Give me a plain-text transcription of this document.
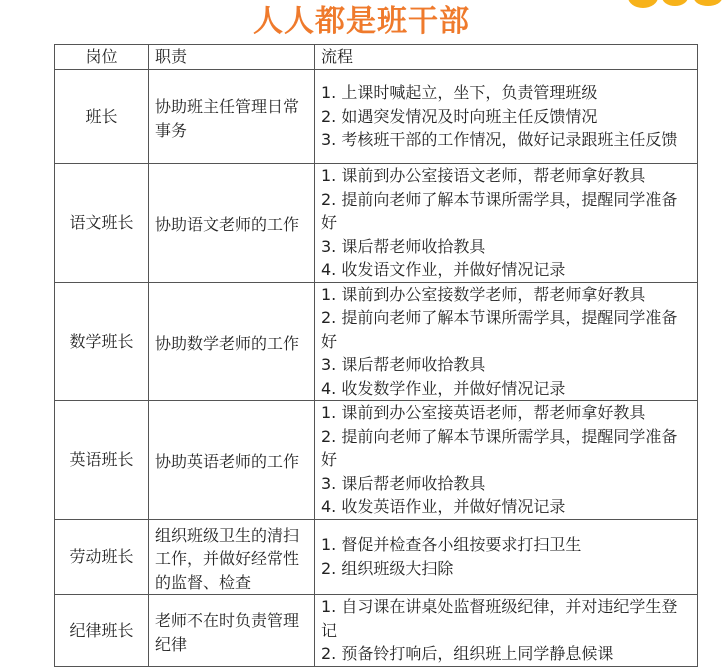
人人都是班干部
岗位	职责	流程
班长	协助班主任管理日常事务	1. 上课时喊起立，坐下，负责管理班级
2. 如遇突发情况及时向班主任反馈情况
3. 考核班干部的工作情况，做好记录跟班主任反馈

语文班长	协助语文老师的工作	1. 课前到办公室接语文老师，帮老师拿好教具
2. 提前向老师了解本节课所需学具，提醒同学准备好
3. 课后帮老师收拾教具
4. 收发语文作业，并做好情况记录

数学班长	协助数学老师的工作	1. 课前到办公室接数学老师，帮老师拿好教具
2. 提前向老师了解本节课所需学具，提醒同学准备好
3. 课后帮老师收拾教具
4. 收发数学作业，并做好情况记录

英语班长	协助英语老师的工作	1. 课前到办公室接英语老师，帮老师拿好教具
2. 提前向老师了解本节课所需学具，提醒同学准备好
3. 课后帮老师收拾教具
4. 收发英语作业，并做好情况记录

劳动班长	组织班级卫生的清扫工作，并做好经常性的监督、检查	1. 督促并检查各小组按要求打扫卫生
2. 组织班级大扫除

纪律班长	老师不在时负责管理纪律	1. 自习课在讲桌处监督班级纪律，并对违纪学生登记
2. 预备铃打响后，组织班上同学静息候课
